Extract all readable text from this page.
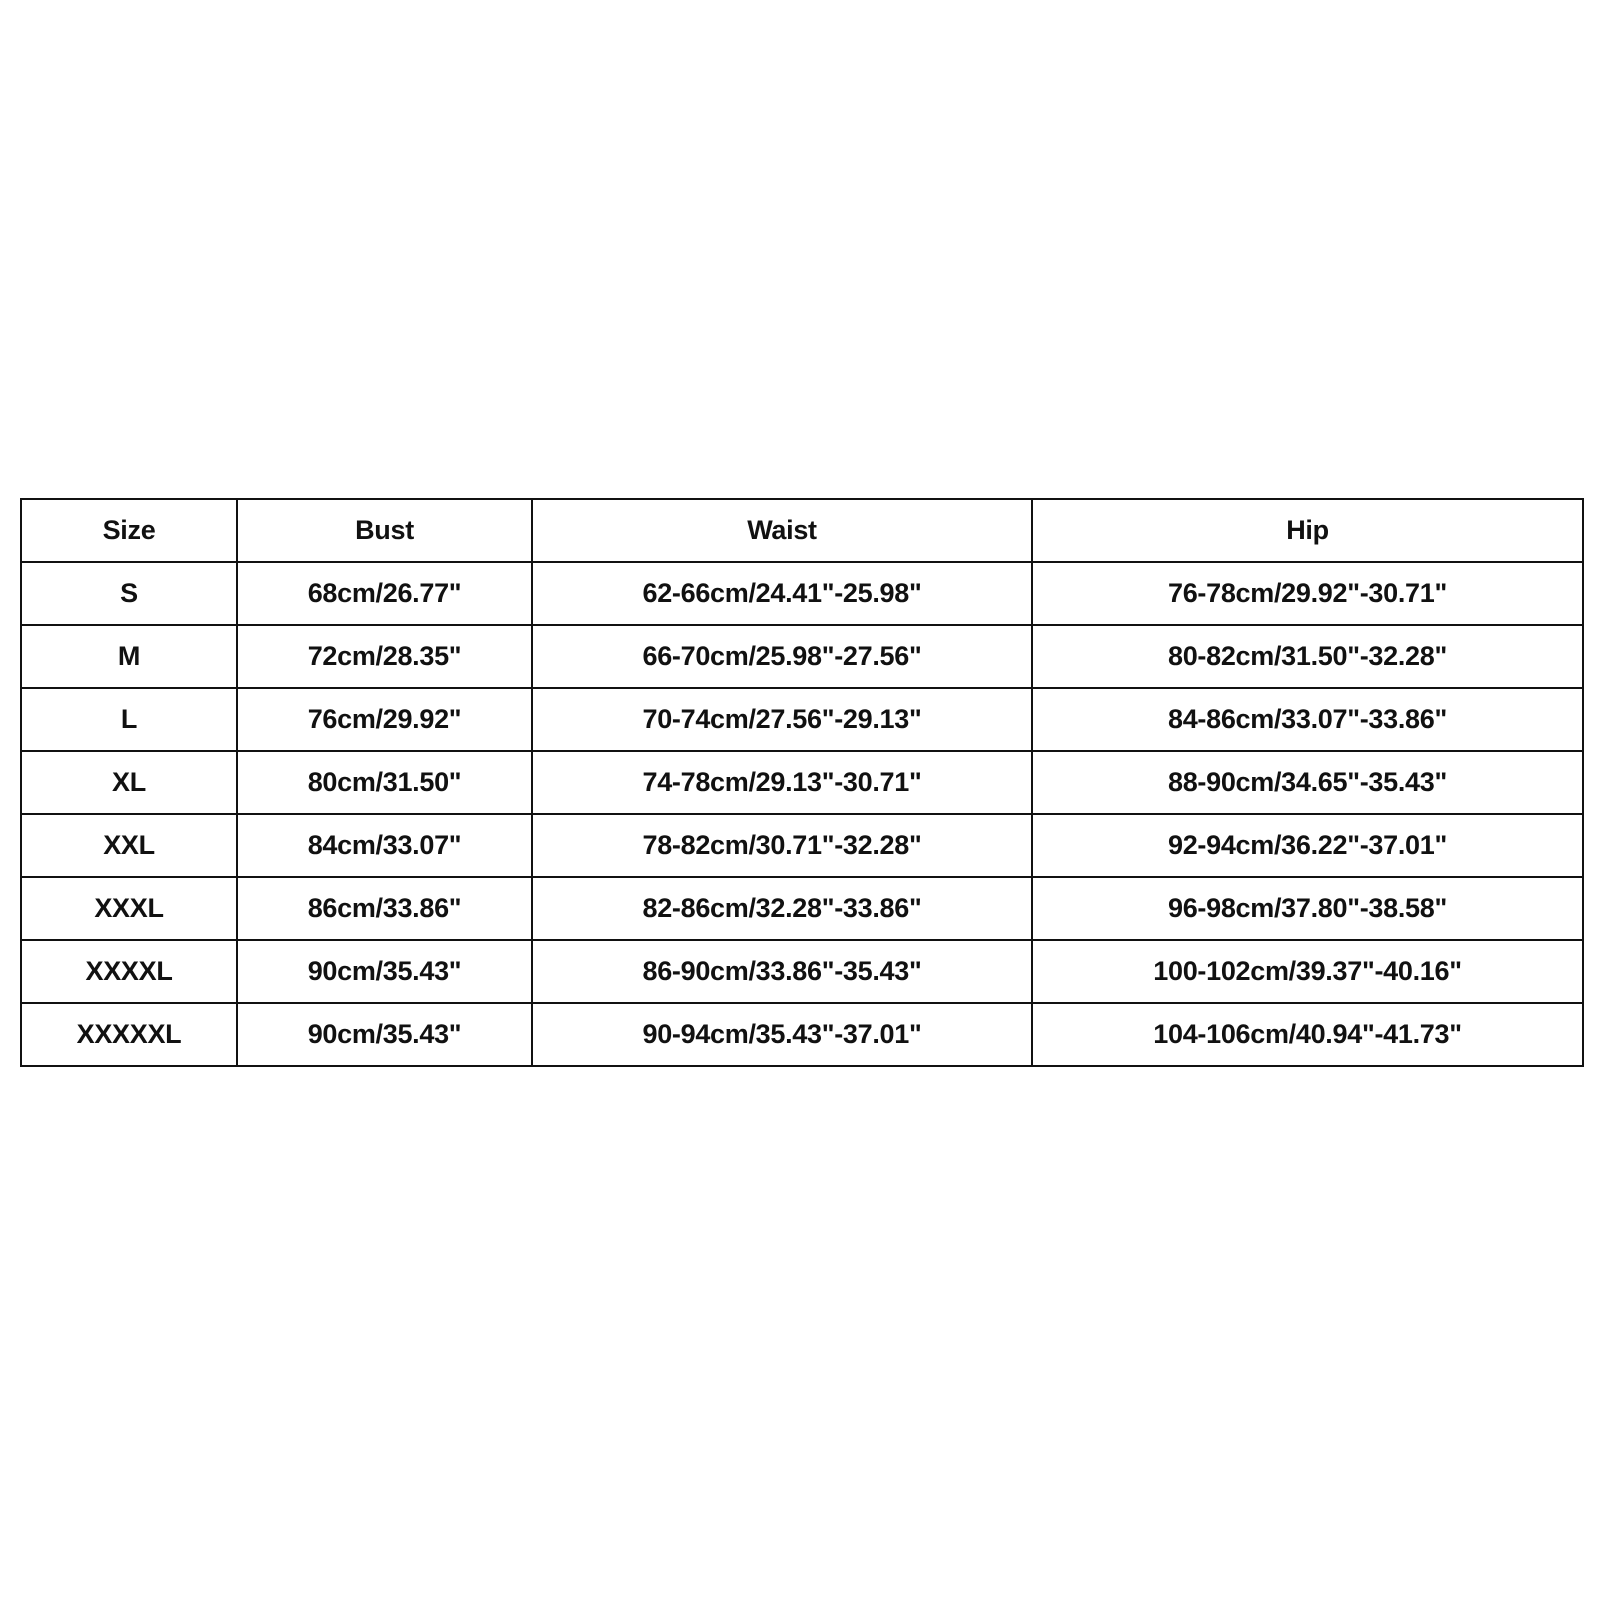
Size	Bust	Waist	Hip
S	68cm/26.77"	62-66cm/24.41"-25.98"	76-78cm/29.92"-30.71"
M	72cm/28.35"	66-70cm/25.98"-27.56"	80-82cm/31.50"-32.28"
L	76cm/29.92"	70-74cm/27.56"-29.13"	84-86cm/33.07"-33.86"
XL	80cm/31.50"	74-78cm/29.13"-30.71"	88-90cm/34.65"-35.43"
XXL	84cm/33.07"	78-82cm/30.71"-32.28"	92-94cm/36.22"-37.01"
XXXL	86cm/33.86"	82-86cm/32.28"-33.86"	96-98cm/37.80"-38.58"
XXXXL	90cm/35.43"	86-90cm/33.86"-35.43"	100-102cm/39.37"-40.16"
XXXXXL	90cm/35.43"	90-94cm/35.43"-37.01"	104-106cm/40.94"-41.73"
